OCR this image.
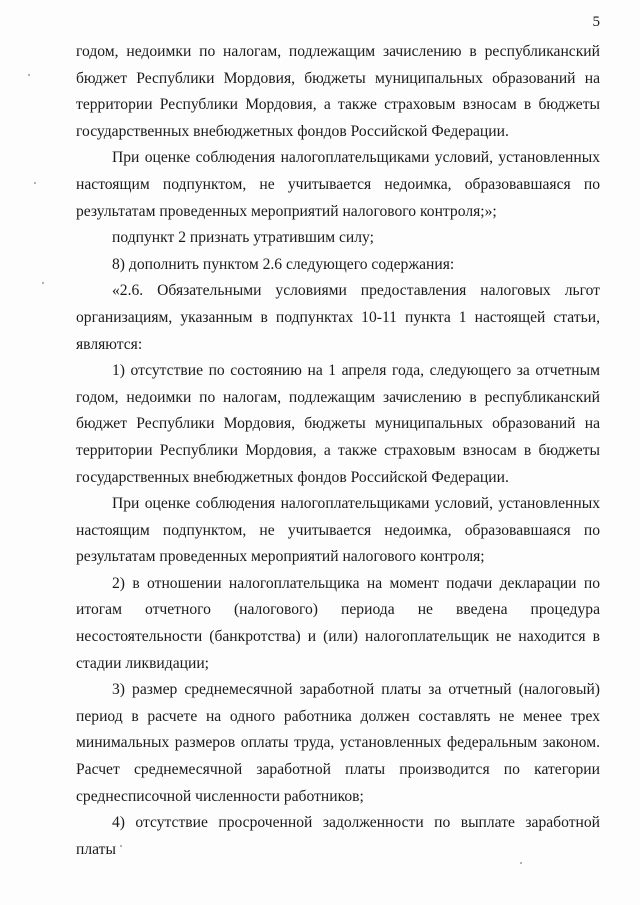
5

годом, недоимки по налогам, подлежащим зачислению в республиканский бюджет Республики Мордовия, бюджеты муниципальных образований на территории Республики Мордовия, а также страховым взносам в бюджеты государственных внебюджетных фондов Российской Федерации.

При оценке соблюдения налогоплательщиками условий, установленных настоящим подпунктом, не учитывается недоимка, образовавшаяся по результатам проведенных мероприятий налогового контроля;»;

подпункт 2 признать утратившим силу;

8) дополнить пунктом 2.6 следующего содержания:

«2.6. Обязательными условиями предоставления налоговых льгот организациям, указанным в подпунктах 10-11 пункта 1 настоящей статьи, являются:

1) отсутствие по состоянию на 1 апреля года, следующего за отчетным годом, недоимки по налогам, подлежащим зачислению в республиканский бюджет Республики Мордовия, бюджеты муниципальных образований на территории Республики Мордовия, а также страховым взносам в бюджеты государственных внебюджетных фондов Российской Федерации.

При оценке соблюдения налогоплательщиками условий, установленных настоящим подпунктом, не учитывается недоимка, образовавшаяся по результатам проведенных мероприятий налогового контроля;

2) в отношении налогоплательщика на момент подачи декларации по итогам отчетного (налогового) периода не введена процедура несостоятельности (банкротства) и (или) налогоплательщик не находится в стадии ликвидации;

3) размер среднемесячной заработной платы за отчетный (налоговый) период в расчете на одного работника должен составлять не менее трех минимальных размеров оплаты труда, установленных федеральным законом. Расчет среднемесячной заработной платы производится по категории среднесписочной численности работников;

4) отсутствие просроченной задолженности по выплате заработной платы
